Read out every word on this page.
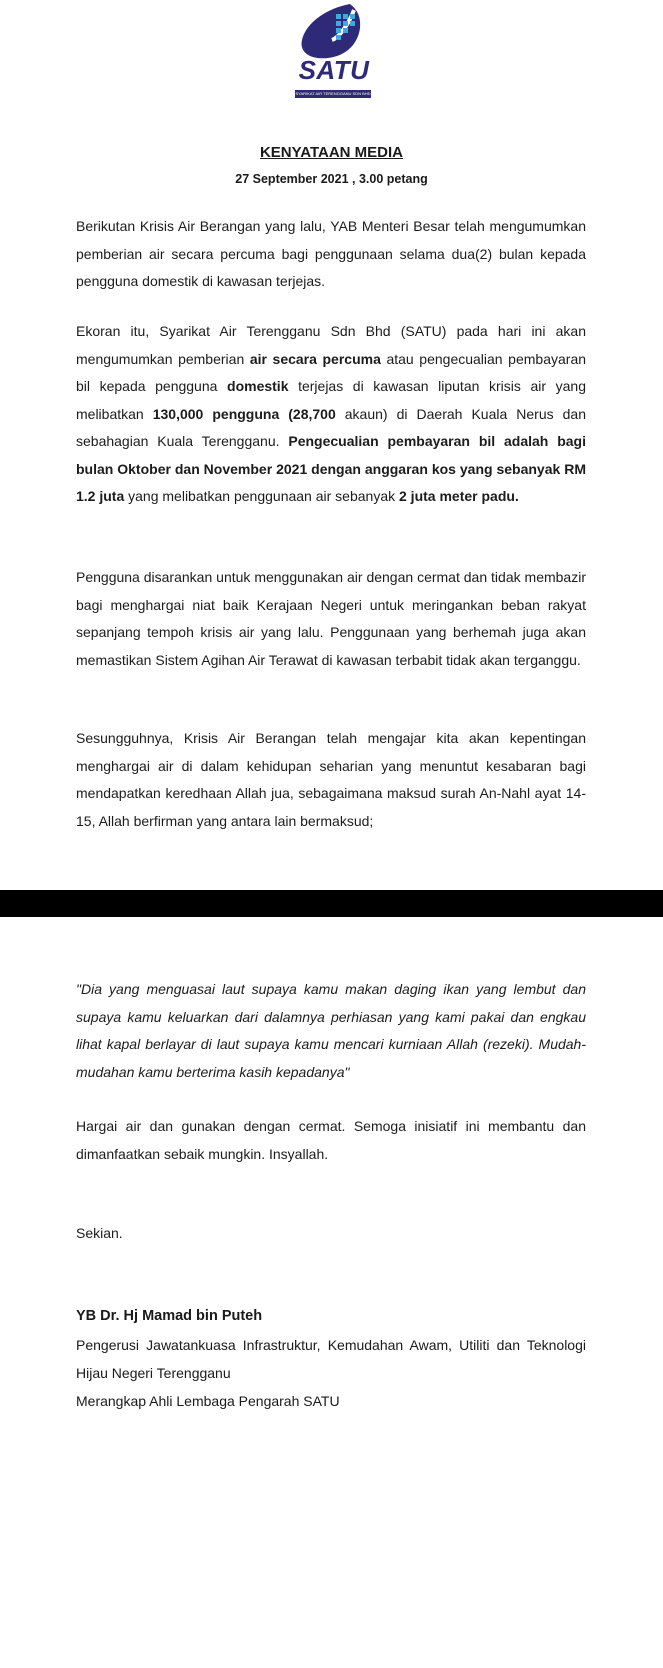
SATU
SYARIKAT AIR TERENGGANU SDN BHD
KENYATAAN MEDIA
27 September 2021 , 3.00 petang

Berikutan Krisis Air Berangan yang lalu, YAB Menteri Besar telah mengumumkan pemberian air secara percuma bagi penggunaan selama dua(2) bulan kepada pengguna domestik di kawasan terjejas.

Ekoran itu, Syarikat Air Terengganu Sdn Bhd (SATU) pada hari ini akan mengumumkan pemberian air secara percuma atau pengecualian pembayaran bil kepada pengguna domestik terjejas di kawasan liputan krisis air yang melibatkan 130,000 pengguna (28,700 akaun) di Daerah Kuala Nerus dan sebahagian Kuala Terengganu. Pengecualian pembayaran bil adalah bagi bulan Oktober dan November 2021 dengan anggaran kos yang sebanyak RM 1.2 juta yang melibatkan penggunaan air sebanyak 2 juta meter padu.

Pengguna disarankan untuk menggunakan air dengan cermat dan tidak membazir bagi menghargai niat baik Kerajaan Negeri untuk meringankan beban rakyat sepanjang tempoh krisis air yang lalu. Penggunaan yang berhemah juga akan memastikan Sistem Agihan Air Terawat di kawasan terbabit tidak akan terganggu.

Sesungguhnya, Krisis Air Berangan telah mengajar kita akan kepentingan menghargai air di dalam kehidupan seharian yang menuntut kesabaran bagi mendapatkan keredhaan Allah jua, sebagaimana maksud surah An-Nahl ayat 14-15, Allah berfirman yang antara lain bermaksud;

"Dia yang menguasai laut supaya kamu makan daging ikan yang lembut dan supaya kamu keluarkan dari dalamnya perhiasan yang kami pakai dan engkau lihat kapal berlayar di laut supaya kamu mencari kurniaan Allah (rezeki). Mudah-mudahan kamu berterima kasih kepadanya"

Hargai air dan gunakan dengan cermat. Semoga inisiatif ini membantu dan dimanfaatkan sebaik mungkin. Insyallah.

Sekian.

YB Dr. Hj Mamad bin Puteh
Pengerusi Jawatankuasa Infrastruktur, Kemudahan Awam, Utiliti dan Teknologi Hijau Negeri Terengganu
Merangkap Ahli Lembaga Pengarah SATU
